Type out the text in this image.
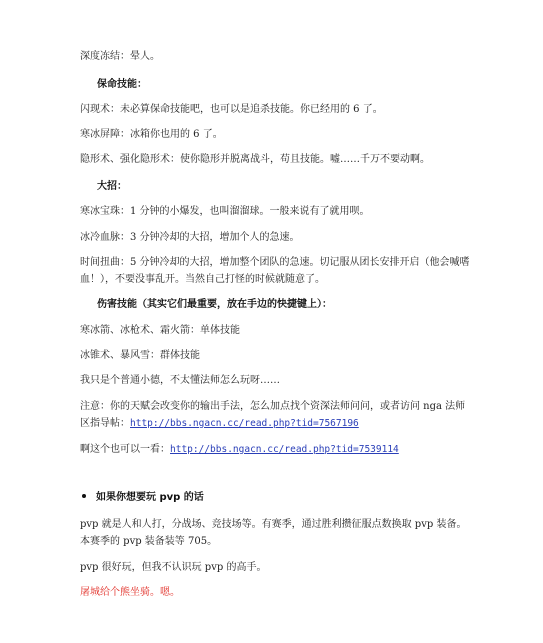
深度冻结：晕人。
保命技能：
闪现术：未必算保命技能吧，也可以是追杀技能。你已经用的 6 了。
寒冰屏障：冰箱你也用的 6 了。
隐形术、强化隐形术：使你隐形并脱离战斗，苟且技能。嘘……千万不要动啊。
大招：
寒冰宝珠：1 分钟的小爆发，也叫溜溜球。一般来说有了就用呗。
冰冷血脉：3 分钟冷却的大招，增加个人的急速。
时间扭曲：5 分钟冷却的大招，增加整个团队的急速。切记服从团长安排开启（他会喊嗜血！），不要没事乱开。当然自己打怪的时候就随意了。
伤害技能（其实它们最重要，放在手边的快捷键上）：
寒冰箭、冰枪术、霜火箭：单体技能
冰锥术、暴风雪：群体技能
我只是个普通小德，不太懂法师怎么玩呀……
注意：你的天赋会改变你的输出手法，怎么加点找个资深法师问问，或者访问 nga 法师区指导帖：http://bbs.ngacn.cc/read.php?tid=7567196
啊这个也可以一看：http://bbs.ngacn.cc/read.php?tid=7539114
如果你想要玩 pvp 的话
pvp 就是人和人打，分战场、竞技场等。有赛季，通过胜利攒征服点数换取 pvp 装备。本赛季的 pvp 装备装等 705。
pvp 很好玩，但我不认识玩 pvp 的高手。
屠城给个熊坐骑。嗯。
